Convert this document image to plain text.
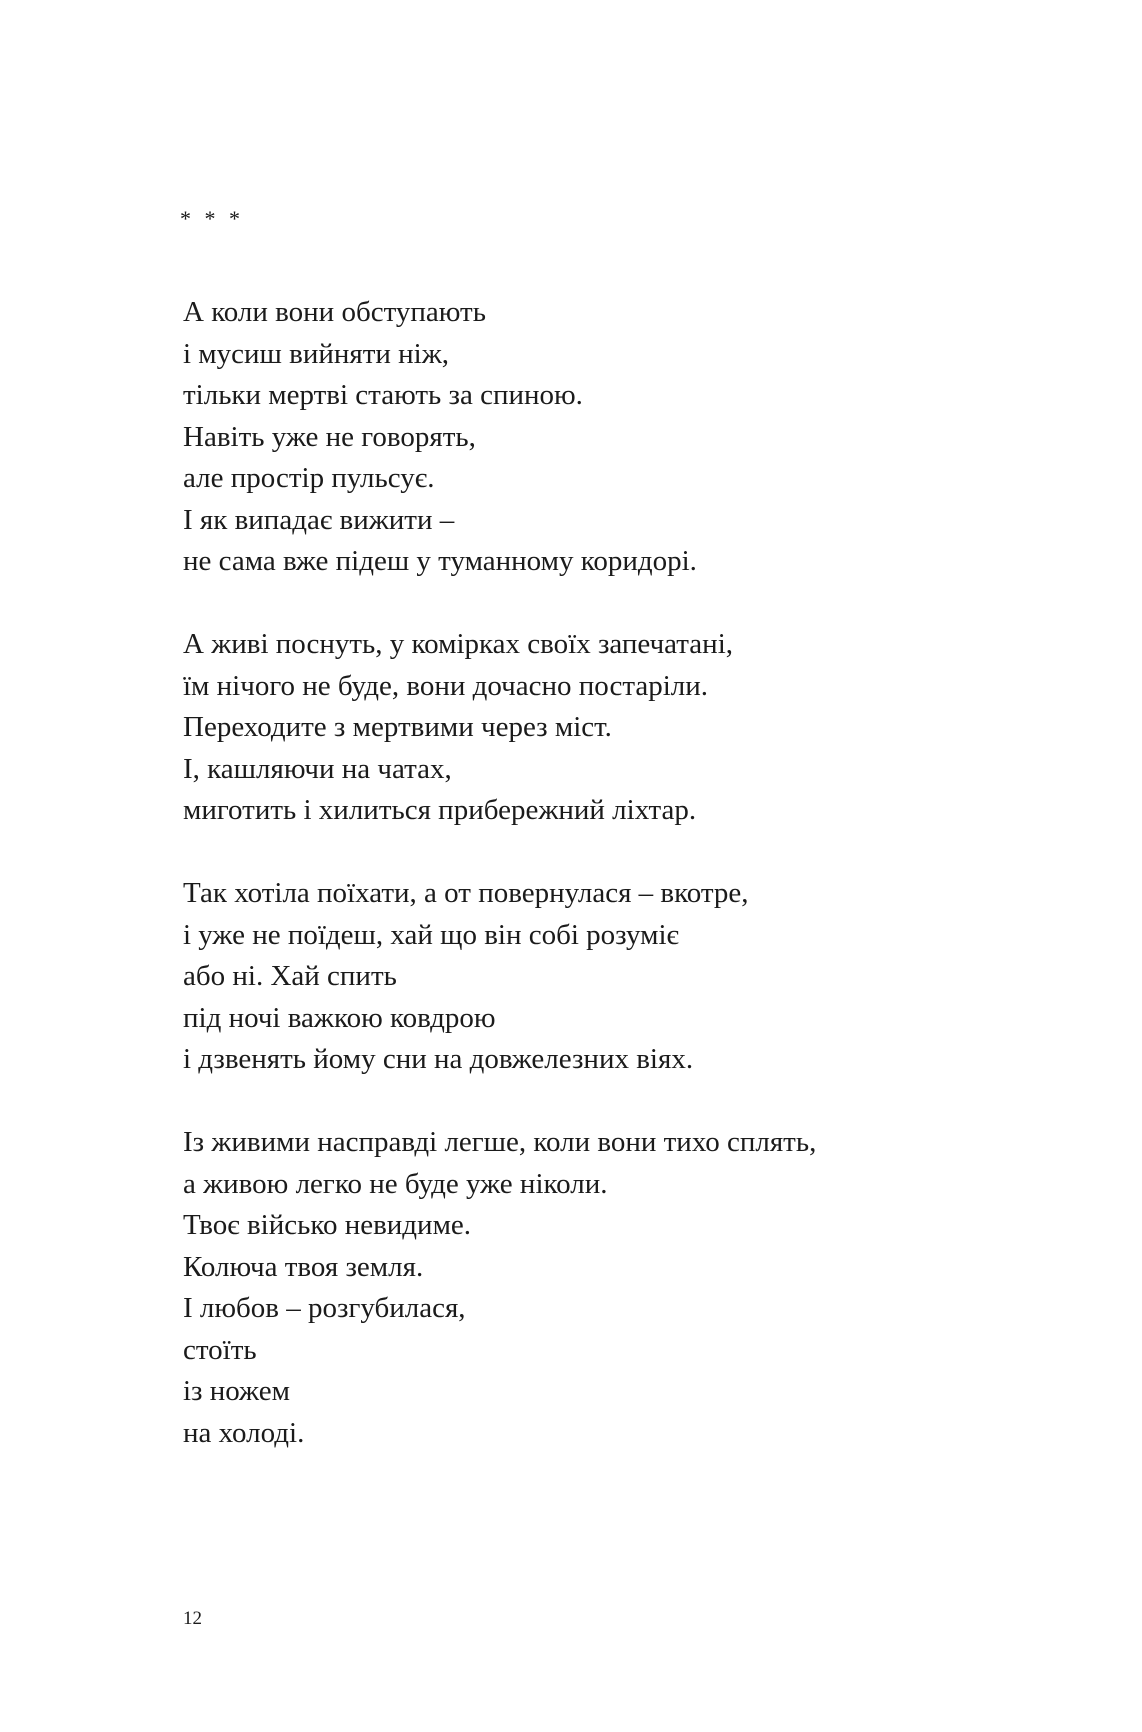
* * *

А коли вони обступають
і мусиш вийняти ніж,
тільки мертві стають за спиною.
Навіть уже не говорять,
але простір пульсує.
І як випадає вижити –
не сама вже підеш у туманному коридорі.
А живі поснуть, у комірках своїх запечатані,
їм нічого не буде, вони дочасно постаріли.
Переходите з мертвими через міст.
І, кашляючи на чатах,
миготить і хилиться прибережний ліхтар.
Так хотіла поїхати, а от повернулася – вкотре,
і уже не поїдеш, хай що він собі розуміє
або ні. Хай спить
під ночі важкою ковдрою
і дзвенять йому сни на довжелезних віях.
Із живими насправді легше, коли вони тихо сплять,
а живою легко не буде уже ніколи.
Твоє військо невидиме.
Колюча твоя земля.
І любов – розгубилася,
стоїть
із ножем
на холоді.

12
